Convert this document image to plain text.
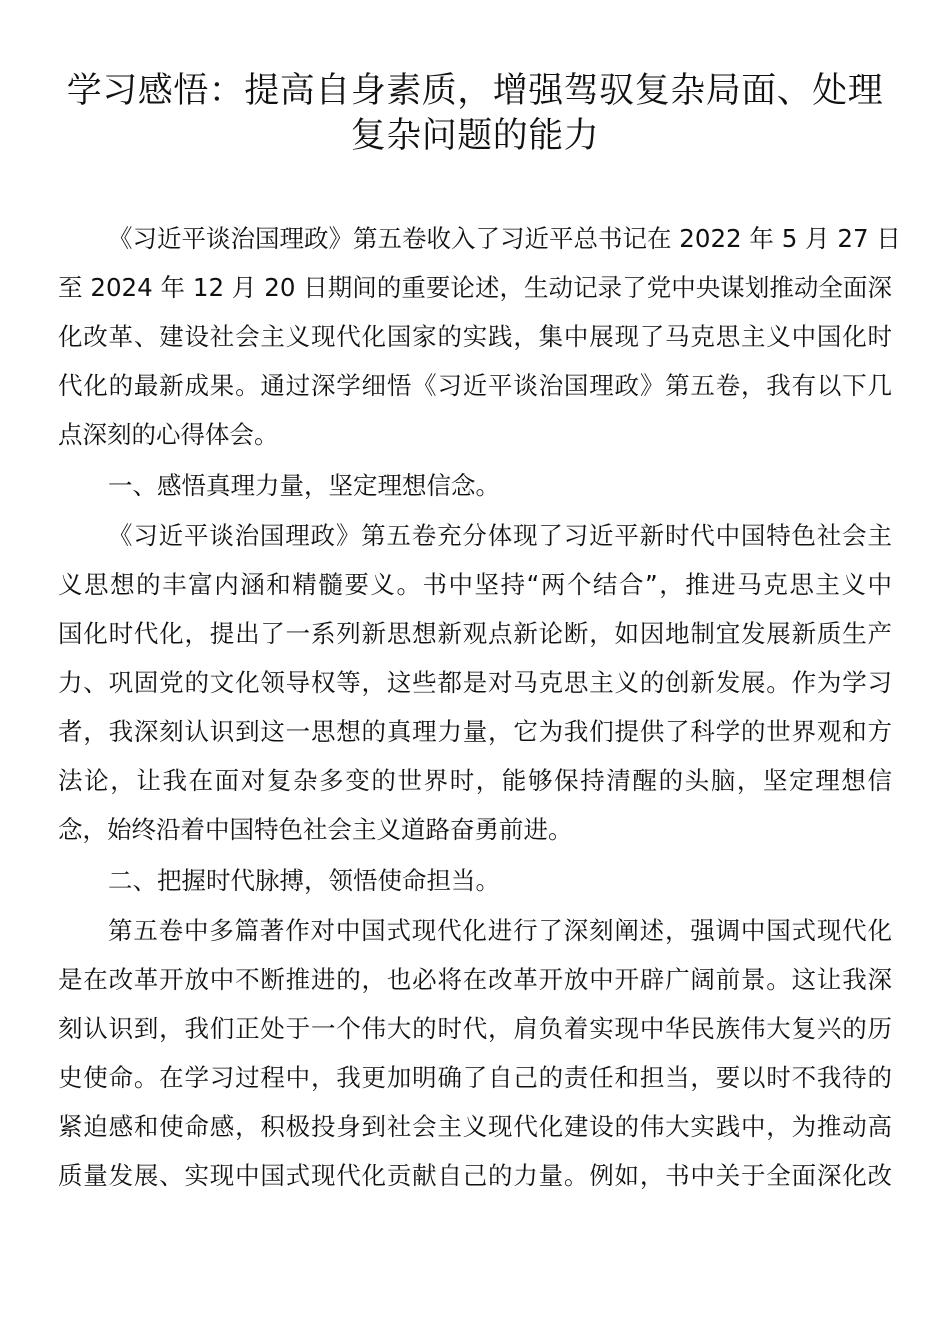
学习感悟：提高自身素质，增强驾驭复杂局面、处理
复杂问题的能力
《习近平谈治国理政》第五卷收入了习近平总书记在 2022 年 5 月 27 日
至 2024 年 12 月 20 日期间的重要论述，生动记录了党中央谋划推动全面深
化改革、建设社会主义现代化国家的实践，集中展现了马克思主义中国化时
代化的最新成果。通过深学细悟《习近平谈治国理政》第五卷，我有以下几
点深刻的心得体会。
一、感悟真理力量，坚定理想信念。
《习近平谈治国理政》第五卷充分体现了习近平新时代中国特色社会主
义思想的丰富内涵和精髓要义。书中坚持“两个结合”，推进马克思主义中
国化时代化，提出了一系列新思想新观点新论断，如因地制宜发展新质生产
力、巩固党的文化领导权等，这些都是对马克思主义的创新发展。作为学习
者，我深刻认识到这一思想的真理力量，它为我们提供了科学的世界观和方
法论，让我在面对复杂多变的世界时，能够保持清醒的头脑，坚定理想信
念，始终沿着中国特色社会主义道路奋勇前进。
二、把握时代脉搏，领悟使命担当。
第五卷中多篇著作对中国式现代化进行了深刻阐述，强调中国式现代化
是在改革开放中不断推进的，也必将在改革开放中开辟广阔前景。这让我深
刻认识到，我们正处于一个伟大的时代，肩负着实现中华民族伟大复兴的历
史使命。在学习过程中，我更加明确了自己的责任和担当，要以时不我待的
紧迫感和使命感，积极投身到社会主义现代化建设的伟大实践中，为推动高
质量发展、实现中国式现代化贡献自己的力量。例如，书中关于全面深化改
